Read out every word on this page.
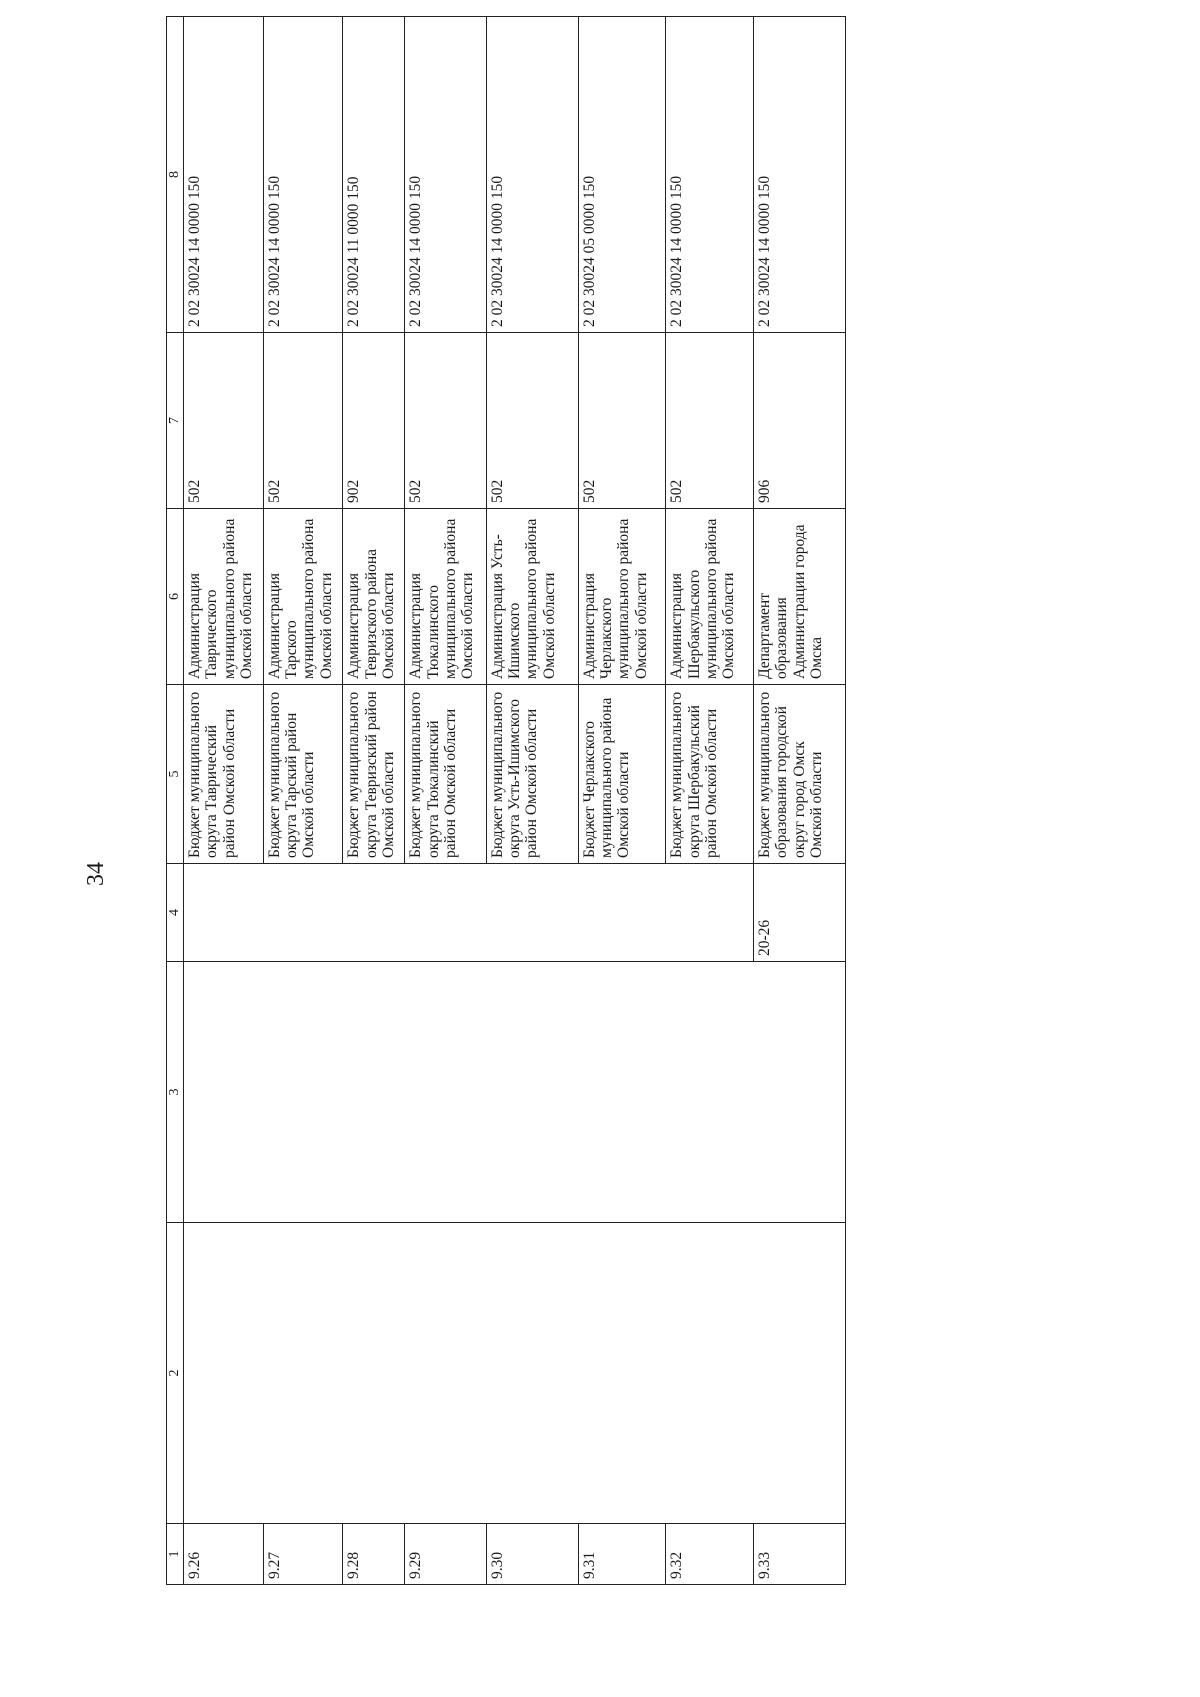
34
1	2	3	4	5	6	7	8
9.26				Бюджет муниципального округа Таврический район Омской области	Администрация Таврического муниципального района Омской области	502	2 02 30024 14 0000 150
9.27				Бюджет муниципального округа Тарский район Омской области	Администрация Тарского муниципального района Омской области	502	2 02 30024 14 0000 150
9.28				Бюджет муниципального округа Тевризский район Омской области	Администрация Тевризского района Омской области	902	2 02 30024 11 0000 150
9.29				Бюджет муниципального округа Тюкалинский район Омской области	Администрация Тюкалинского муниципального района Омской области	502	2 02 30024 14 0000 150
9.30				Бюджет муниципального округа Усть-Ишимского район Омской области	Администрация Усть-Ишимского муниципального района Омской области	502	2 02 30024 14 0000 150
9.31				Бюджет Черлакского муниципального района Омской области	Администрация Черлакского муниципального района Омской области	502	2 02 30024 05 0000 150
9.32				Бюджет муниципального округа Шербакульский район Омской области	Администрация Шербакульского муниципального района Омской области	502	2 02 30024 14 0000 150
9.33			20-26	Бюджет муниципального образования городской округ город Омск Омской области	Департамент образования Администрации города Омска	906	2 02 30024 14 0000 150
